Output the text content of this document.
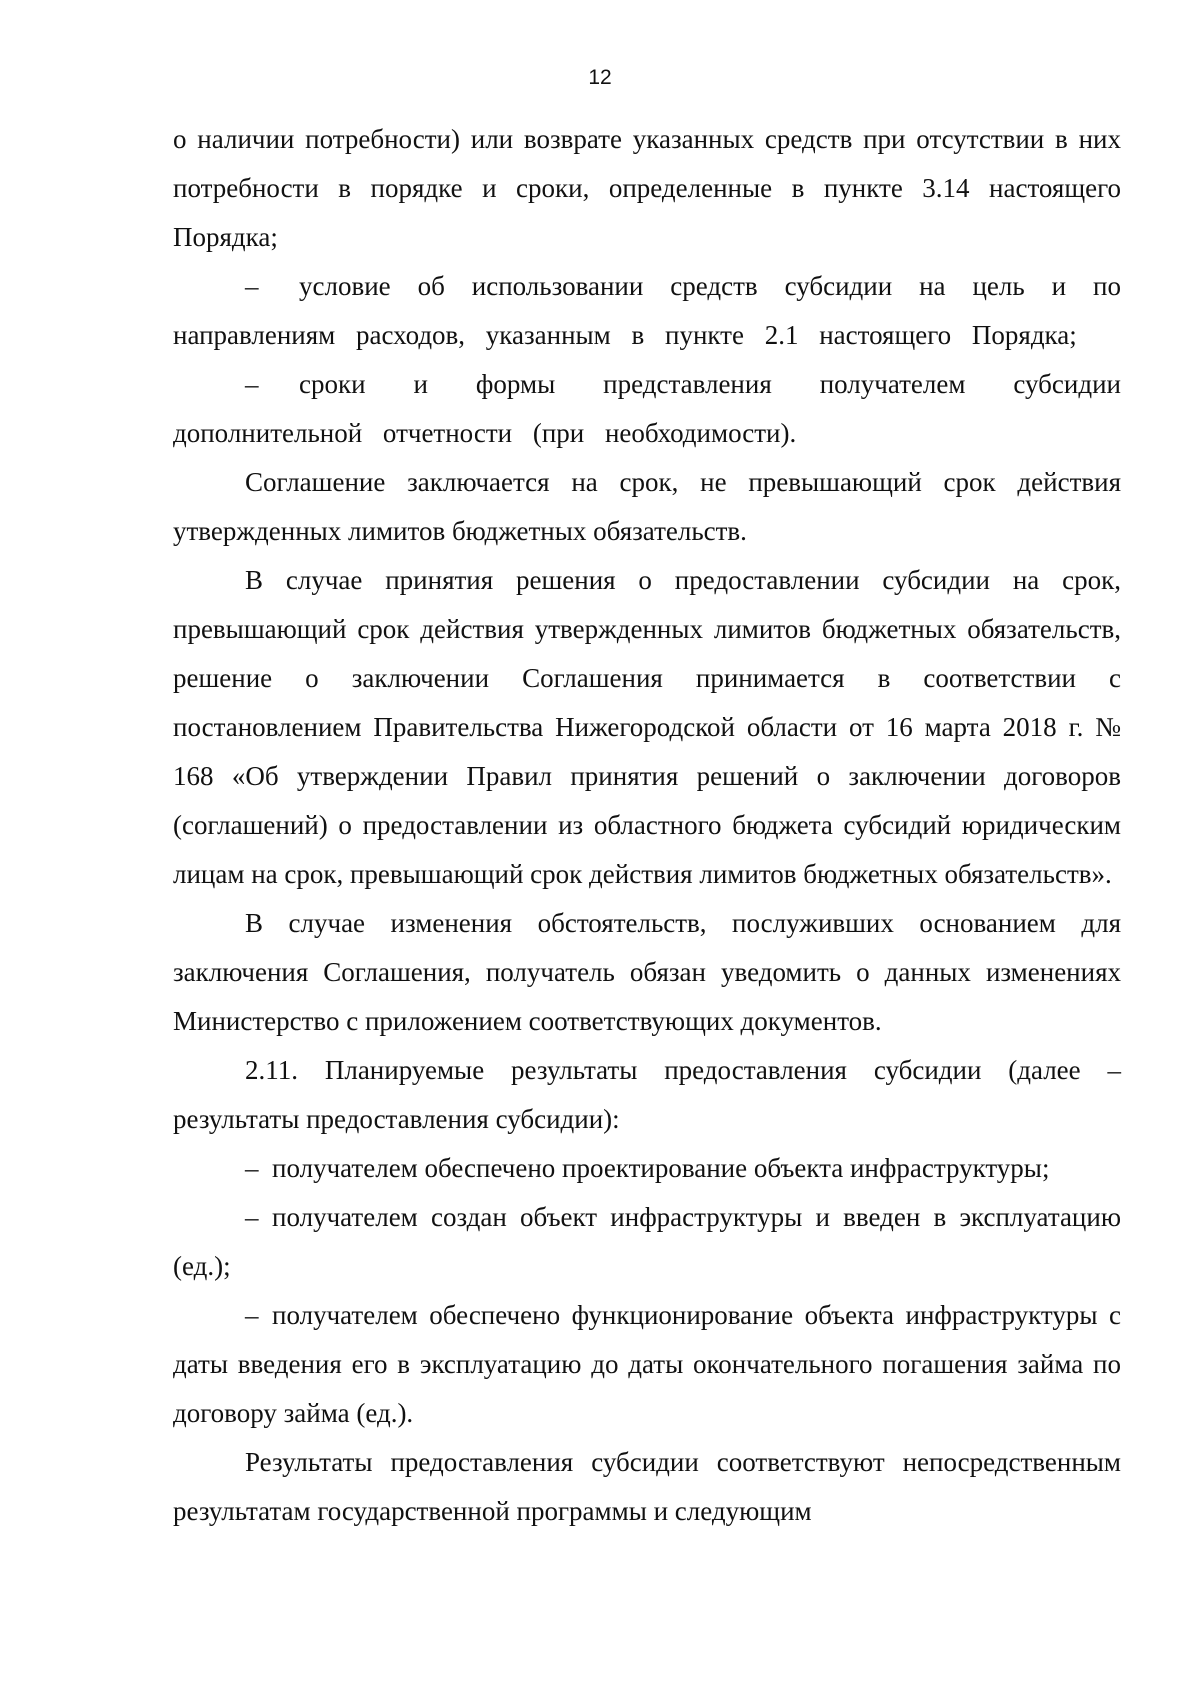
12

о наличии потребности) или возврате указанных средств при отсутствии в них потребности в порядке и сроки, определенные в пункте 3.14 настоящего Порядка;

–  условие об использовании средств субсидии на цель и по направлениям расходов, указанным в пункте 2.1 настоящего Порядка;

–  сроки и формы представления получателем субсидии дополнительной отчетности (при необходимости).

Соглашение заключается на срок, не превышающий срок действия утвержденных лимитов бюджетных обязательств.

В случае принятия решения о предоставлении субсидии на срок, превышающий срок действия утвержденных лимитов бюджетных обязательств, решение о заключении Соглашения принимается в соответствии с постановлением Правительства Нижегородской области от 16 марта 2018 г. № 168 «Об утверждении Правил принятия решений о заключении договоров (соглашений) о предоставлении из областного бюджета субсидий юридическим лицам на срок, превышающий срок действия лимитов бюджетных обязательств».

В случае изменения обстоятельств, послуживших основанием для заключения Соглашения, получатель обязан уведомить о данных изменениях Министерство с приложением соответствующих документов.

2.11. Планируемые результаты предоставления субсидии (далее – результаты предоставления субсидии):

– получателем обеспечено проектирование объекта инфраструктуры;

– получателем создан объект инфраструктуры и введен в эксплуатацию (ед.);

– получателем обеспечено функционирование объекта инфраструктуры с даты введения его в эксплуатацию до даты окончательного погашения займа по договору займа (ед.).

Результаты предоставления субсидии соответствуют непосредственным результатам государственной программы и следующим
